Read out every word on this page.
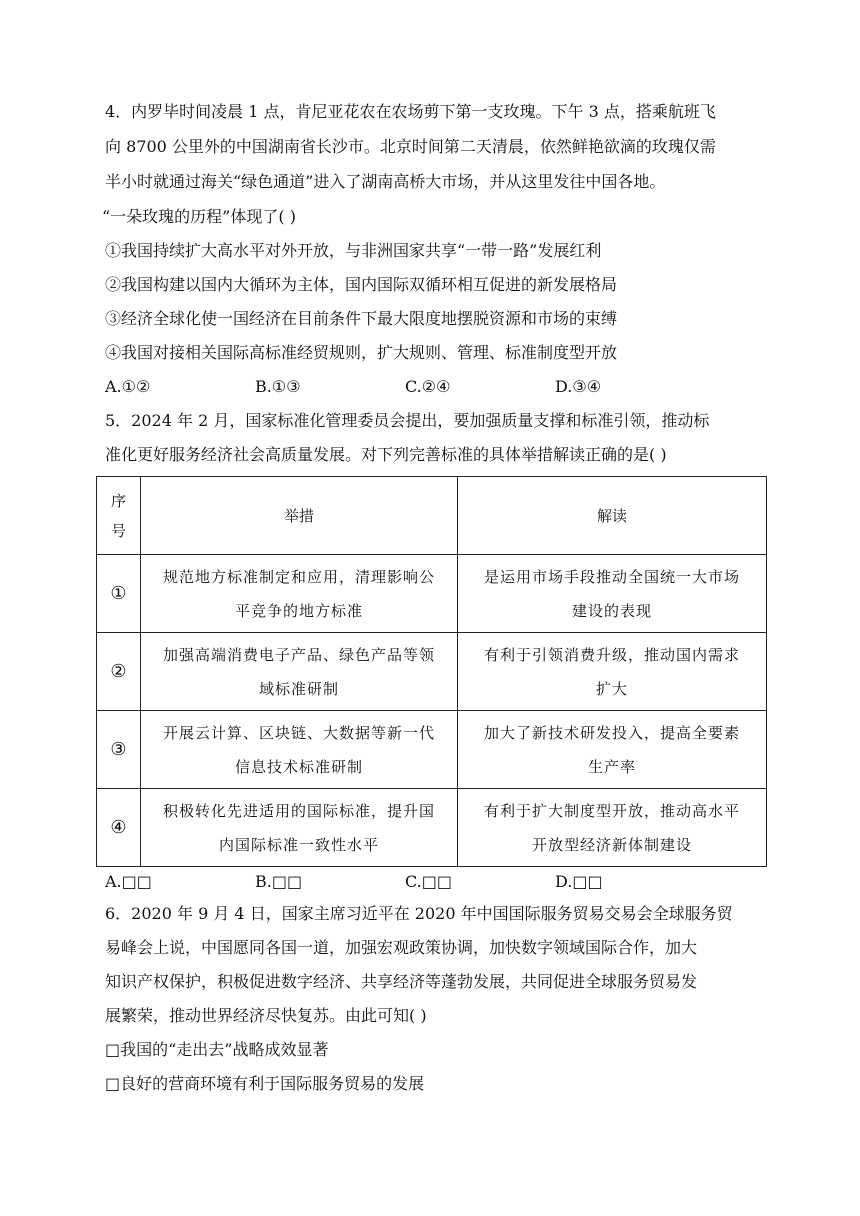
4．内罗毕时间凌晨 1 点，肯尼亚花农在农场剪下第一支玫瑰。下午 3 点，搭乘航班飞
向 8700 公里外的中国湖南省长沙市。北京时间第二天清晨，依然鲜艳欲滴的玫瑰仅需
半小时就通过海关“绿色通道”进入了湖南高桥大市场，并从这里发往中国各地。
“一朵玫瑰的历程”体现了( )
①我国持续扩大高水平对外开放，与非洲国家共享“一带一路”发展红利
②我国构建以国内大循环为主体，国内国际双循环相互促进的新发展格局
③经济全球化使一国经济在目前条件下最大限度地摆脱资源和市场的束缚
④我国对接相关国际高标准经贸规则，扩大规则、管理、标准制度型开放
A.①②	B.①③	C.②④	D.③④
5．2024 年 2 月，国家标准化管理委员会提出，要加强质量支撑和标准引领，推动标
准化更好服务经济社会高质量发展。对下列完善标准的具体举措解读正确的是( )
序
号	举措	解读
①	规范地方标准制定和应用，清理影响公
平竞争的地方标准	是运用市场手段推动全国统一大市场
建设的表现

②	加强高端消费电子产品、绿色产品等领
域标准研制	有利于引领消费升级，推动国内需求
扩大

③	开展云计算、区块链、大数据等新一代
信息技术标准研制	加大了新技术研发投入，提高全要素
生产率

④	积极转化先进适用的国际标准，提升国
内国际标准一致性水平	有利于扩大制度型开放，推动高水平
开放型经济新体制建设
A.□□	B.□□	C.□□	D.□□
6．2020 年 9 月 4 日，国家主席习近平在 2020 年中国国际服务贸易交易会全球服务贸
易峰会上说，中国愿同各国一道，加强宏观政策协调，加快数字领域国际合作，加大
知识产权保护，积极促进数字经济、共享经济等蓬勃发展，共同促进全球服务贸易发
展繁荣，推动世界经济尽快复苏。由此可知( )
□我国的“走出去”战略成效显著
□良好的营商环境有利于国际服务贸易的发展
